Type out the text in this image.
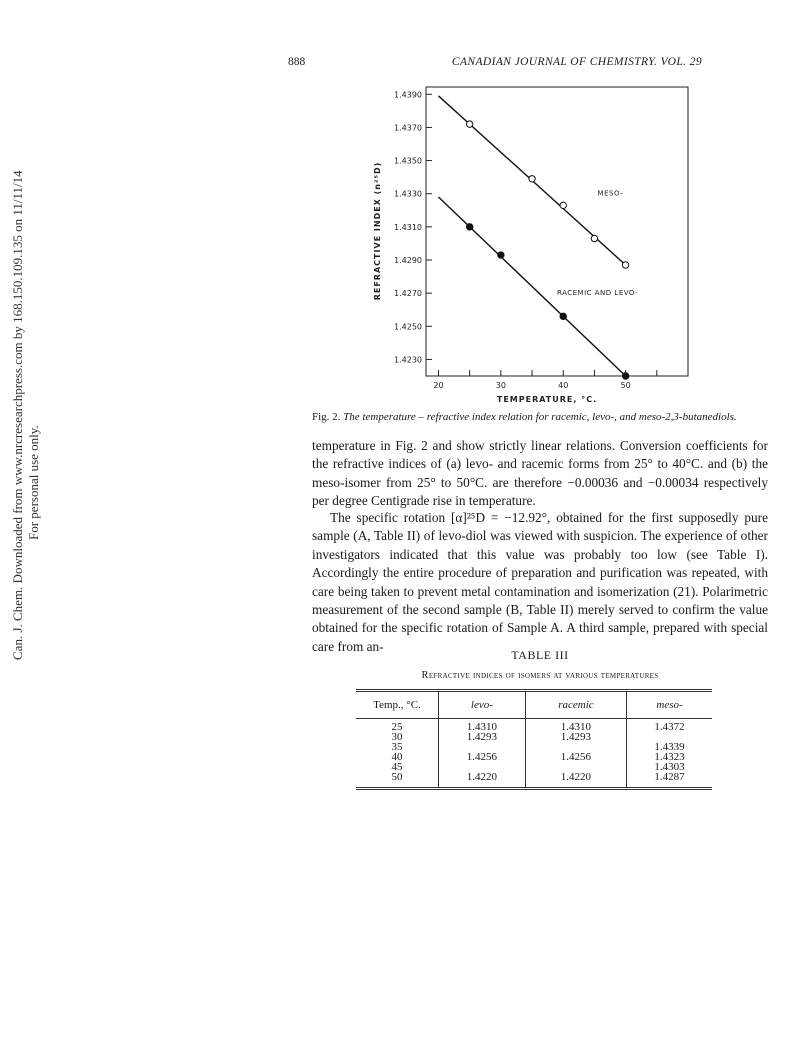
Can. J. Chem. Downloaded from www.nrcresearchpress.com by 168.150.109.135 on 11/11/14 For personal use only.
888	CANADIAN JOURNAL OF CHEMISTRY. VOL. 29
1.4390
1.4370
1.4350
1.4330
1.4310
1.4290
1.4270
1.4250
1.4230
20	30	40	50
TEMPERATURE, °C.
REFRACTIVE INDEX (n²⁵D)	MESO-
RACEMIC AND LEVO-
Fig. 2. The temperature – refractive index relation for racemic, levo-, and meso-2,3-butanediols.

temperature in Fig. 2 and show strictly linear relations. Conversion coefficients for the refractive indices of (a) levo- and racemic forms from 25° to 40°C. and (b) the meso-isomer from 25° to 50°C. are therefore −0.00036 and −0.00034 respectively per degree Centigrade rise in temperature.

The specific rotation [α]²⁵D = −12.92°, obtained for the first supposedly pure sample (A, Table II) of levo-diol was viewed with suspicion. The experience of other investigators indicated that this value was probably too low (see Table I). Accordingly the entire procedure of preparation and purification was repeated, with care being taken to prevent metal contamination and isomerization (21). Polarimetric measurement of the second sample (B, Table II) merely served to confirm the value obtained for the specific rotation of Sample A. A third sample, prepared with special care from an-

TABLE III
Refractive indices of isomers at various temperatures
Temp., °C.	levo-	racemic	meso-
25	1.4310	1.4310	1.4372
30	1.4293	1.4293	
35			1.4339
40	1.4256	1.4256	1.4323
45			1.4303
50	1.4220	1.4220	1.4287
